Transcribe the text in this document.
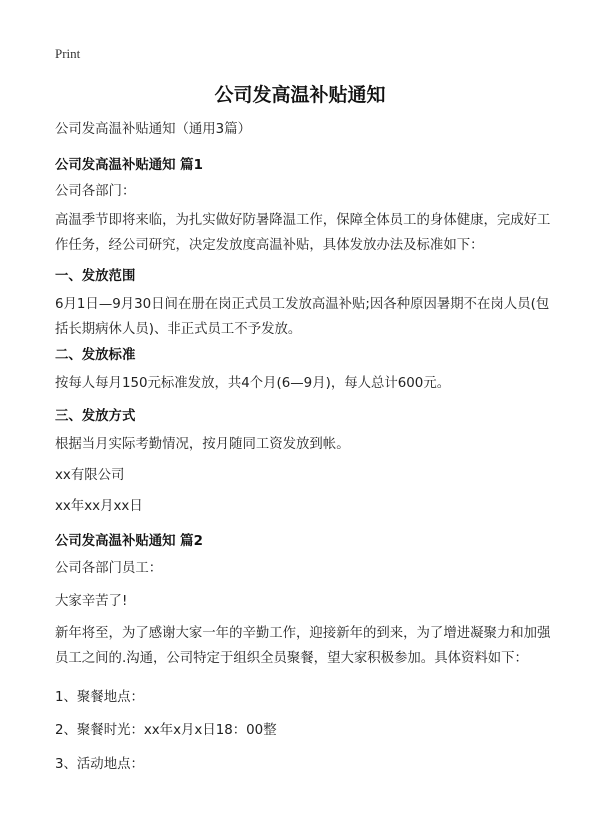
Print
公司发高温补贴通知

公司发高温补贴通知（通用3篇）

公司发高温补贴通知 篇1

公司各部门：

高温季节即将来临，为扎实做好防暑降温工作，保障全体员工的身体健康，完成好工作任务，经公司研究，决定发放度高温补贴，具体发放办法及标准如下：

一、发放范围

6月1日—9月30日间在册在岗正式员工发放高温补贴;因各种原因暑期不在岗人员(包括长期病休人员)、非正式员工不予发放。

二、发放标准

按每人每月150元标准发放，共4个月(6—9月)，每人总计600元。

三、发放方式

根据当月实际考勤情况，按月随同工资发放到帐。

xx有限公司

xx年xx月xx日

公司发高温补贴通知 篇2

公司各部门员工：

大家辛苦了!

新年将至，为了感谢大家一年的辛勤工作，迎接新年的到来，为了增进凝聚力和加强员工之间的.沟通，公司特定于组织全员聚餐，望大家积极参加。具体资料如下：

1、聚餐地点：

2、聚餐时光：xx年x月x日18：00整

3、活动地点：
